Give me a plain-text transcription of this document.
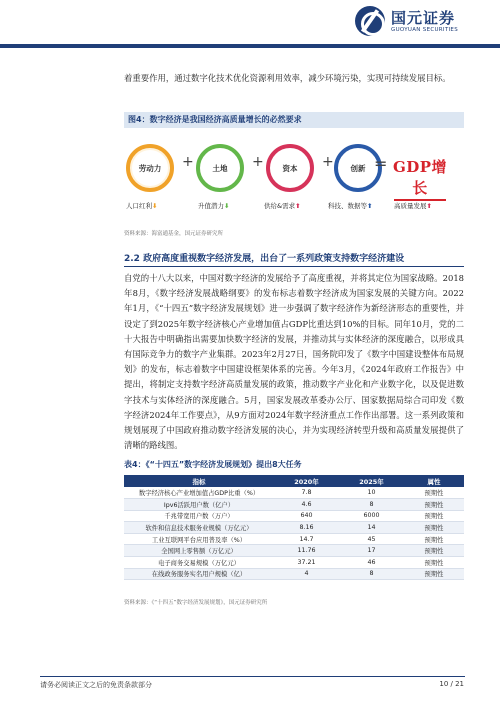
国元证券
GUOYUAN SECURITIES

着重要作用，通过数字化技术优化资源利用效率，减少环境污染，实现可持续发展目标。

图4：数字经济是我国经济高质量增长的必然要求
劳动力 +	土地 +	资本 + 创新 =
人口红利⬇	升值潜力⬇	供给&需求⬆	科技、数据等⬆
GDP增长
高质量发展⬆
资料来源：海富通基金，国元证券研究所
2.2 政府高度重视数字经济发展，出台了一系列政策支持数字经济建设

自党的十八大以来，中国对数字经济的发展给予了高度重视，并将其定位为国家战略。2018年8月，《数字经济发展战略纲要》的发布标志着数字经济成为国家发展的关键方向。2022年1月，《“十四五”数字经济发展规划》进一步强调了数字经济作为新经济形态的重要性，并设定了到2025年数字经济核心产业增加值占GDP比重达到10%的目标。同年10月，党的二十大报告中明确指出需要加快数字经济的发展，并推动其与实体经济的深度融合，以形成具有国际竞争力的数字产业集群。2023年2月27日，国务院印发了《数字中国建设整体布局规划》的发布，标志着数字中国建设框架体系的完善。今年3月，《2024年政府工作报告》中提出，将制定支持数字经济高质量发展的政策，推动数字产业化和产业数字化，以及促进数字技术与实体经济的深度融合。5月，国家发展改革委办公厅、国家数据局综合司印发《数字经济2024年工作要点》，从9方面对2024年数字经济重点工作作出部署。这一系列政策和规划展现了中国政府推动数字经济发展的决心，并为实现经济转型升级和高质量发展提供了清晰的路线图。

表4：《“十四五”数字经济发展规划》提出8大任务
指标	2020年	2025年	属性
数字经济核心产业增加值占GDP比重（%）	7.8	10	预期性
Ipv6活跃用户数（亿户）	4.6	8	预期性
千兆带宽用户数（万户）	640	6000	预期性
软件和信息技术服务业规模（万亿元）	8.16	14	预期性
工业互联网平台应用普及率（%）	14.7	45	预期性
全国网上零售额（万亿元）	11.76	17	预期性
电子商务交易规模（万亿元）	37.21	46	预期性
在线政务服务实名用户规模（亿）	4	8	预期性
资料来源：《“十四五”数字经济发展规划》，国元证券研究所
请务必阅读正文之后的免责条款部分	10 / 21
